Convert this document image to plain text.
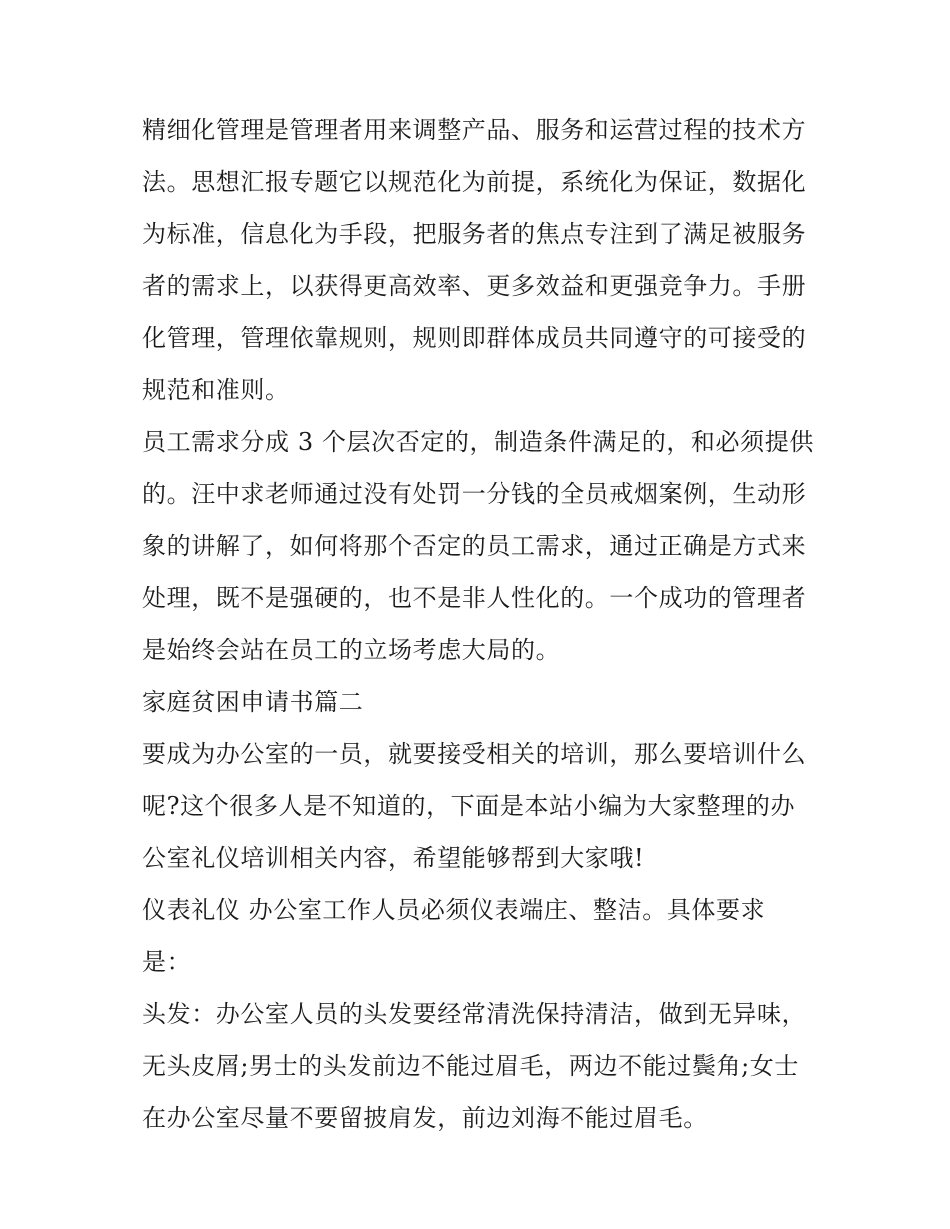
精细化管理是管理者用来调整产品、服务和运营过程的技术方
法。思想汇报专题它以规范化为前提，系统化为保证，数据化
为标准，信息化为手段，把服务者的焦点专注到了满足被服务
者的需求上，以获得更高效率、更多效益和更强竞争力。手册
化管理，管理依靠规则，规则即群体成员共同遵守的可接受的
规范和准则。

员工需求分成 3 个层次否定的，制造条件满足的，和必须提供
的。汪中求老师通过没有处罚一分钱的全员戒烟案例，生动形
象的讲解了，如何将那个否定的员工需求，通过正确是方式来
处理，既不是强硬的，也不是非人性化的。一个成功的管理者
是始终会站在员工的立场考虑大局的。

家庭贫困申请书篇二

要成为办公室的一员，就要接受相关的培训，那么要培训什么
呢?这个很多人是不知道的，下面是本站小编为大家整理的办
公室礼仪培训相关内容，希望能够帮到大家哦!

仪表礼仪 办公室工作人员必须仪表端庄、整洁。具体要求
是：

头发：办公室人员的头发要经常清洗保持清洁，做到无异味，
无头皮屑;男士的头发前边不能过眉毛，两边不能过鬓角;女士
在办公室尽量不要留披肩发，前边刘海不能过眉毛。
